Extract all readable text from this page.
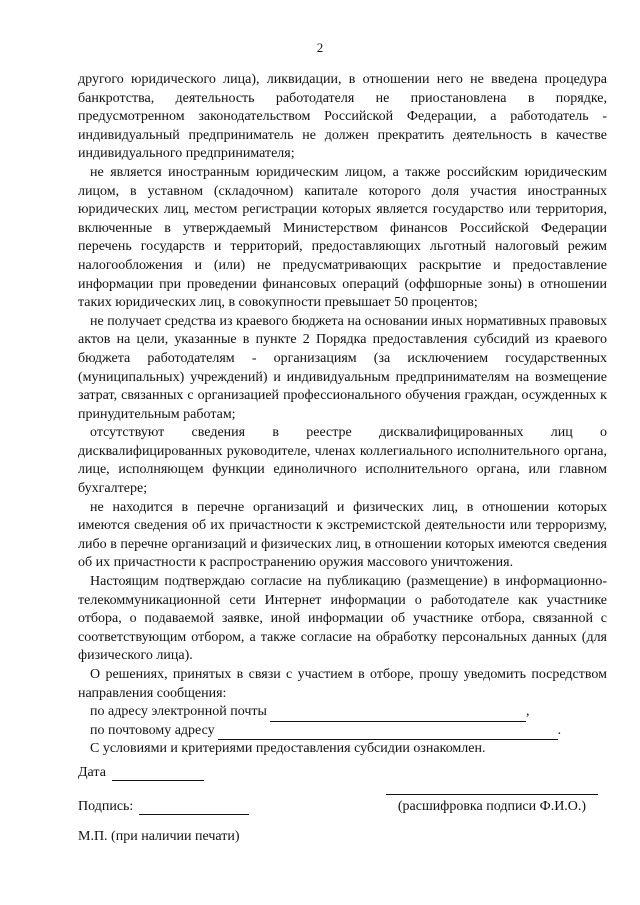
2

другого юридического лица), ликвидации, в отношении него не введена процедура банкротства, деятельность работодателя не приостановлена в порядке, предусмотренном законодательством Российской Федерации, а работодатель - индивидуальный предприниматель не должен прекратить деятельность в качестве индивидуального предпринимателя;

не является иностранным юридическим лицом, а также российским юридическим лицом, в уставном (складочном) капитале которого доля участия иностранных юридических лиц, местом регистрации которых является государство или территория, включенные в утверждаемый Министерством финансов Российской Федерации перечень государств и территорий, предоставляющих льготный налоговый режим налогообложения и (или) не предусматривающих раскрытие и предоставление информации при проведении финансовых операций (оффшорные зоны) в отношении таких юридических лиц, в совокупности превышает 50 процентов;

не получает средства из краевого бюджета на основании иных нормативных правовых актов на цели, указанные в пункте 2 Порядка предоставления субсидий из краевого бюджета работодателям - организациям (за исключением государственных (муниципальных) учреждений) и индивидуальным предпринимателям на возмещение затрат, связанных с организацией профессионального обучения граждан, осужденных к принудительным работам;

отсутствуют сведения в реестре дисквалифицированных лиц о дисквалифицированных руководителе, членах коллегиального исполнительного органа, лице, исполняющем функции единоличного исполнительного органа, или главном бухгалтере;

не находится в перечне организаций и физических лиц, в отношении которых имеются сведения об их причастности к экстремистской деятельности или терроризму, либо в перечне организаций и физических лиц, в отношении которых имеются сведения об их причастности к распространению оружия массового уничтожения.

Настоящим подтверждаю согласие на публикацию (размещение) в информационно-телекоммуникационной сети Интернет информации о работодателе как участнике отбора, о подаваемой заявке, иной информации об участнике отбора, связанной с соответствующим отбором, а также согласие на обработку персональных данных (для физического лица).

О решениях, принятых в связи с участием в отборе, прошу уведомить посредством направления сообщения:

по адресу электронной почты	,
по почтовому адресу	.

С условиями и критериями предоставления субсидии ознакомлен.

Дата
Подпись:	(расшифровка подписи Ф.И.О.)
М.П. (при наличии печати)
